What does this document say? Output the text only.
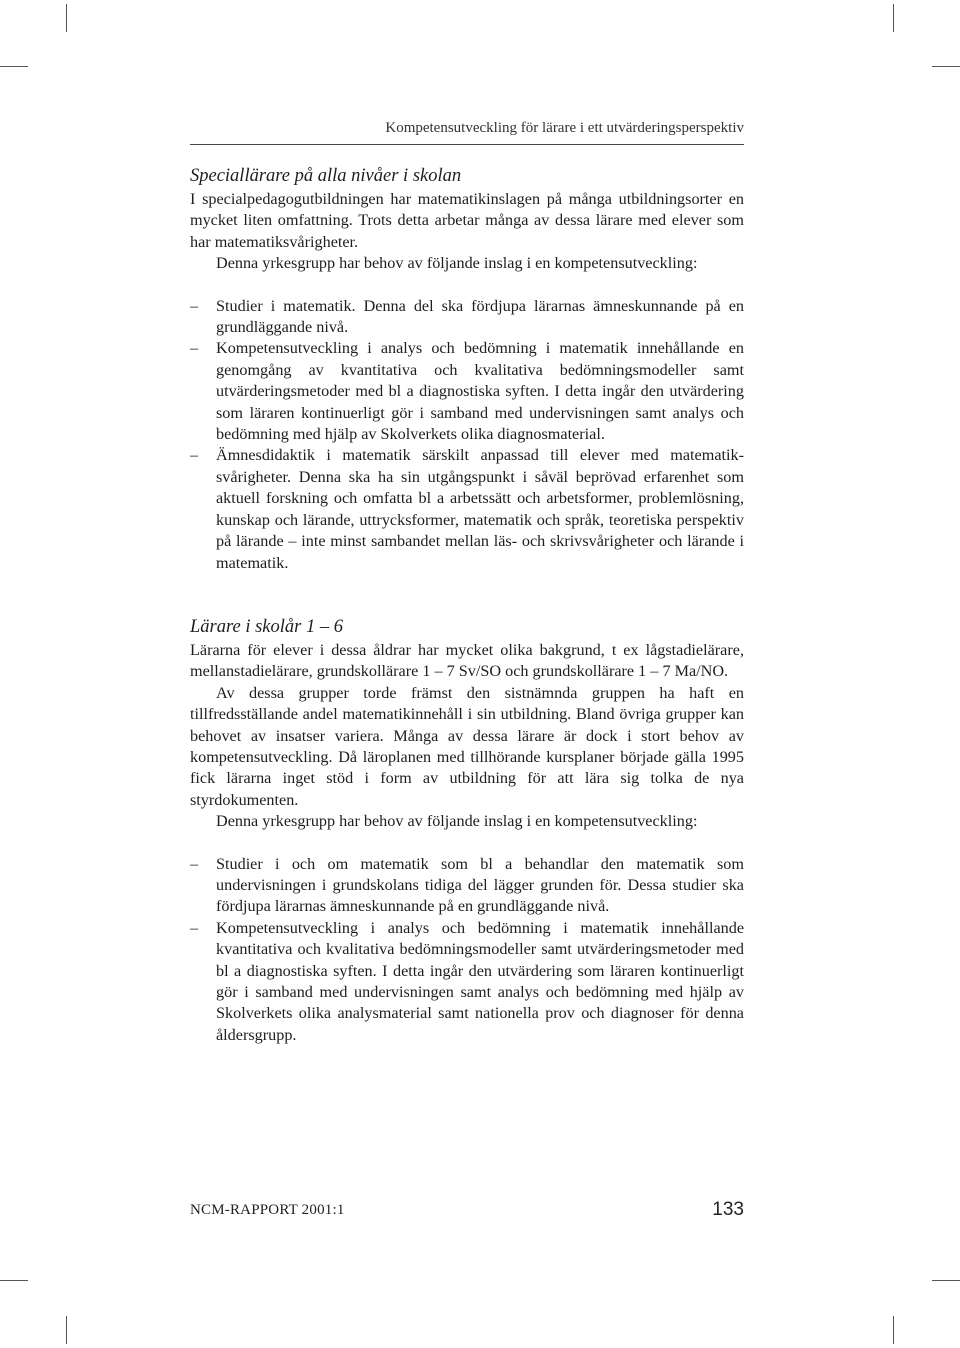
Kompetensutveckling för lärare i ett utvärderingsperspektiv
Speciallärare på alla nivåer i skolan

I specialpedagogutbildningen har matematikinslagen på många utbildningsorter en mycket liten omfattning. Trots detta arbetar många av dessa lärare med elever som har matematiksvårigheter.

Denna yrkesgrupp har behov av följande inslag i en kompetensutveckling:

– Studier i matematik. Denna del ska fördjupa lärarnas ämneskunnande på en grundläggande nivå.
– Kompetensutveckling i analys och bedömning i matematik innehållande en genomgång av kvantitativa och kvalitativa bedömningsmodeller samt utvärderingsmetoder med bl a diagnostiska syften. I detta ingår den utvärdering som läraren kontinuerligt gör i samband med undervisningen samt analys och bedömning med hjälp av Skolverkets olika diagnosmaterial.
– Ämnesdidaktik i matematik särskilt anpassad till elever med matematiksvårigheter. Denna ska ha sin utgångspunkt i såväl beprövad erfarenhet som aktuell forskning och omfatta bl a arbetssätt och arbetsformer, problemlösning, kunskap och lärande, uttrycksformer, matematik och språk, teoretiska perspektiv på lärande – inte minst sambandet mellan läs- och skrivsvårigheter och lärande i matematik.
Lärare i skolår 1 – 6

Lärarna för elever i dessa åldrar har mycket olika bakgrund, t ex lågstadielärare, mellanstadielärare, grundskollärare 1 – 7 Sv/SO och grundskollärare 1 – 7 Ma/NO.

Av dessa grupper torde främst den sistnämnda gruppen ha haft en tillfredsställande andel matematikinnehåll i sin utbildning. Bland övriga grupper kan behovet av insatser variera. Många av dessa lärare är dock i stort behov av kompetensutveckling. Då läroplanen med tillhörande kursplaner började gälla 1995 fick lärarna inget stöd i form av utbildning för att lära sig tolka de nya styrdokumenten.

Denna yrkesgrupp har behov av följande inslag i en kompetensutveckling:

– Studier i och om matematik som bl a behandlar den matematik som undervisningen i grundskolans tidiga del lägger grunden för. Dessa studier ska fördjupa lärarnas ämneskunnande på en grundläggande nivå.
– Kompetensutveckling i analys och bedömning i matematik innehållande kvantitativa och kvalitativa bedömningsmodeller samt utvärderingsmetoder med bl a diagnostiska syften. I detta ingår den utvärdering som läraren kontinuerligt gör i samband med undervisningen samt analys och bedömning med hjälp av Skolverkets olika analysmaterial samt nationella prov och diagnoser för denna åldersgrupp.
NCM-RAPPORT 2001:1	133
